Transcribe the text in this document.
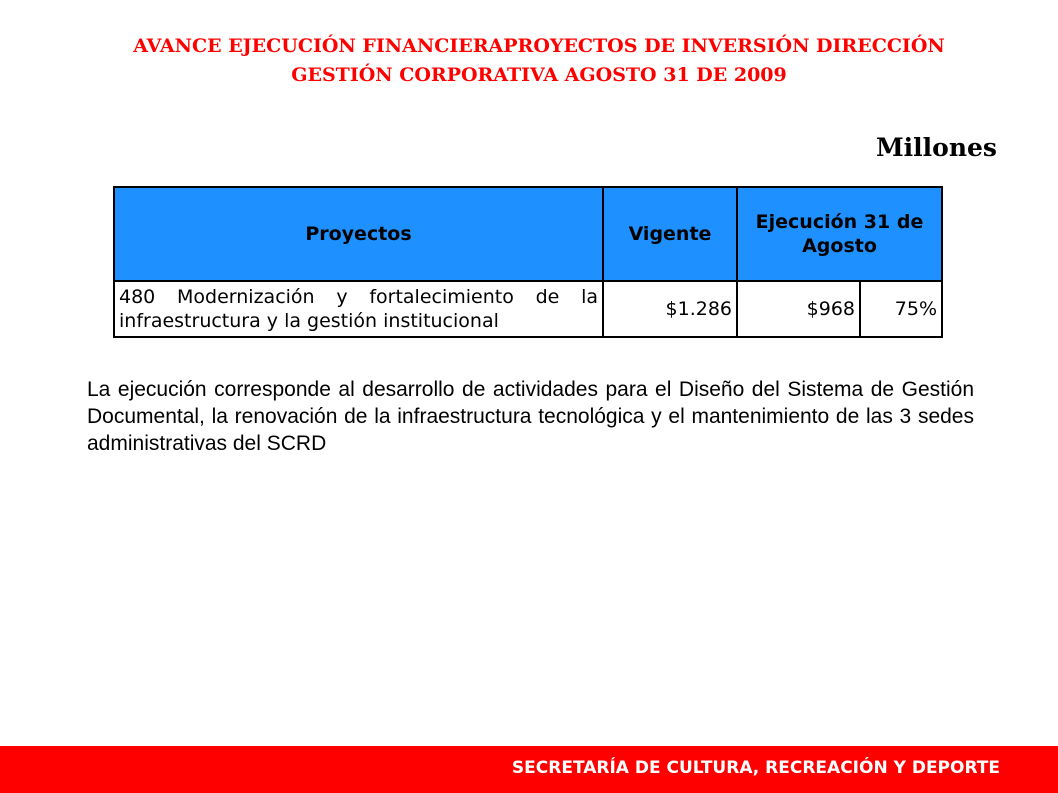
AVANCE EJECUCIÓN FINANCIERAPROYECTOS DE INVERSIÓN DIRECCIÓN
GESTIÓN CORPORATIVA AGOSTO 31 DE 2009
Millones
Proyectos	Vigente	Ejecución 31 de
Agosto	

480 Modernización y fortalecimiento de la
infraestructura y la gestión institucional	$1.286	$968	75%
La ejecución corresponde al desarrollo de actividades para el Diseño del Sistema de Gestión Documental, la renovación de la infraestructura tecnológica y el mantenimiento de las 3 sedes administrativas del SCRD
SECRETARÍA DE CULTURA, RECREACIÓN Y DEPORTE
